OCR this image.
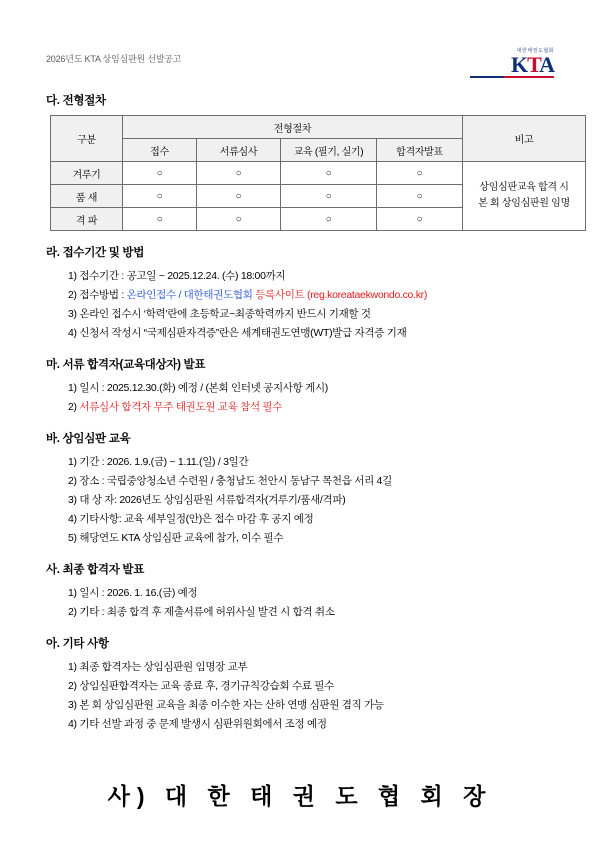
2026년도 KTA 상임심판원 선발공고
대한태권도협회
KTA
다. 전형절차
구분	전형절차				비고
	접수	서류심사	교육 (필기, 실기)	합격자발표	
겨루기	○	○	○	○	상임심판교육 합격 시
본 회 상임심판원 임명

품 새	○	○	○	○	
격 파	○	○	○	○	
라. 접수기간 및 방법
1) 접수기간 : 공고일 ~ 2025.12.24. (수) 18:00까지
2) 접수방법 : 온라인접수 / 대한태권도협회 등록사이트 (reg.koreataekwondo.co.kr)
3) 온라인 접수시 ‘학력’란에 초등학교~최종학력까지 반드시 기재할 것
4) 신청서 작성시 “국제심판자격증”란은 세계태권도연맹(WT)발급 자격증 기재
마. 서류 합격자(교육대상자) 발표
1) 일시 : 2025.12.30.(화) 예정 / (본회 인터넷 공지사항 게시)
2) 서류심사 합격자 무주 태권도원 교육 참석 필수
바. 상임심판 교육
1) 기간 : 2026. 1.9.(금) ~ 1.11.(일) / 3일간
2) 장소 : 국립중앙청소년 수련원 / 충청남도 천안시 동남구 목천읍 서리 4길
3) 대 상 자: 2026년도 상임심판원 서류합격자(겨루기/품새/격파)
4) 기타사항: 교육 세부일정(안)은 접수 마감 후 공지 예정
5) 해당연도 KTA 상임심판 교육에 참가, 이수 필수
사. 최종 합격자 발표
1) 일시 : 2026. 1. 16.(금) 예정
2) 기타 : 최종 합격 후 제출서류에 허위사실 발견 시 합격 취소
아. 기타 사항
1) 최종 합격자는 상임심판원 임명장 교부
2) 상임심판합격자는 교육 종료 후, 경기규칙강습회 수료 필수
3) 본 회 상임심판원 교육을 최종 이수한 자는 산하 연맹 심판원 겸직 가능
4) 기타 선발 과정 중 문제 발생시 심판위원회에서 조정 예정
사) 대 한 태 권 도 협 회 장
